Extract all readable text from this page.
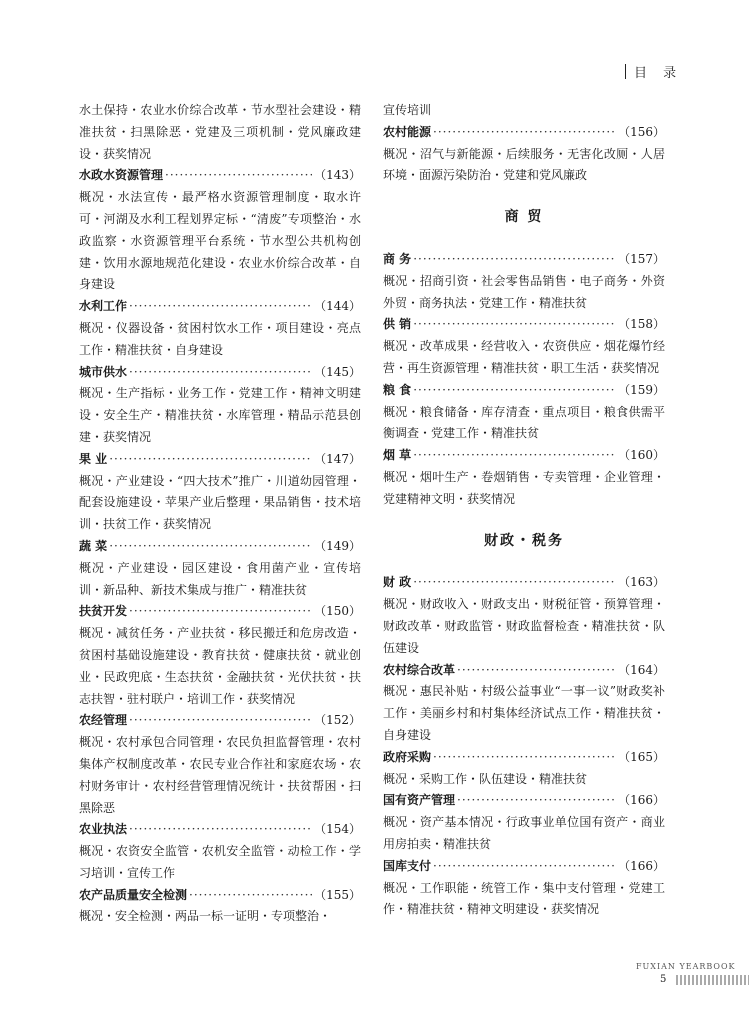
目 录

水土保持・农业水价综合改革・节水型社会建设・精准扶贫・扫黑除恶・党建及三项机制・党风廉政建设・获奖情况

水政水资源管理 ·····	（143）

概况・水法宣传・最严格水资源管理制度・取水许可・河湖及水利工程划界定标・“清废”专项整治・水政监察・水资源管理平台系统・节水型公共机构创建・饮用水源地规范化建设・农业水价综合改革・自身建设

水利工作 ·····	（144）

概况・仪器设备・贫困村饮水工作・项目建设・亮点工作・精准扶贫・自身建设

城市供水 ·····	（145）

概况・生产指标・业务工作・党建工作・精神文明建设・安全生产・精准扶贫・水库管理・精品示范县创建・获奖情况

果 业 ·····	（147）

概况・产业建设・“四大技术”推广・川道幼园管理・配套设施建设・苹果产业后整理・果品销售・技术培训・扶贫工作・获奖情况

蔬 菜 ·····	（149）

概况・产业建设・园区建设・食用菌产业・宣传培训・新品种、新技术集成与推广・精准扶贫

扶贫开发 ·····	（150）

概况・减贫任务・产业扶贫・移民搬迁和危房改造・贫困村基础设施建设・教育扶贫・健康扶贫・就业创业・民政兜底・生态扶贫・金融扶贫・光伏扶贫・扶志扶智・驻村联户・培训工作・获奖情况

农经管理 ·····	（152）

概况・农村承包合同管理・农民负担监督管理・农村集体产权制度改革・农民专业合作社和家庭农场・农村财务审计・农村经营管理情况统计・扶贫帮困・扫黑除恶

农业执法 ·····	（154）

概况・农资安全监管・农机安全监管・动检工作・学习培训・宣传工作

农产品质量安全检测 ·····	（155）

概况・安全检测・两品一标一证明・专项整治・

宣传培训

农村能源 ·····	（156）

概况・沼气与新能源・后续服务・无害化改厕・人居环境・面源污染防治・党建和党风廉政

商 贸
商 务 ·····	（157）

概况・招商引资・社会零售品销售・电子商务・外资外贸・商务执法・党建工作・精准扶贫

供 销 ·····	（158）

概况・改革成果・经营收入・农资供应・烟花爆竹经营・再生资源管理・精准扶贫・职工生活・获奖情况

粮 食 ·····	（159）

概况・粮食储备・库存清查・重点项目・粮食供需平衡调查・党建工作・精准扶贫

烟 草 ·····	（160）

概况・烟叶生产・卷烟销售・专卖管理・企业管理・党建精神文明・获奖情况

财政・税务
财 政 ·····	（163）

概况・财政收入・财政支出・财税征管・预算管理・财政改革・财政监管・财政监督检查・精准扶贫・队伍建设

农村综合改革 ·····	（164）

概况・惠民补贴・村级公益事业“一事一议”财政奖补工作・美丽乡村和村集体经济试点工作・精准扶贫・自身建设

政府采购 ·····	（165）

概况・采购工作・队伍建设・精准扶贫

国有资产管理 ·····	（166）

概况・资产基本情况・行政事业单位国有资产・商业用房拍卖・精准扶贫

国库支付 ·····	（166）

概况・工作职能・统管工作・集中支付管理・党建工作・精准扶贫・精神文明建设・获奖情况

FUXIAN YEARBOOK
5
